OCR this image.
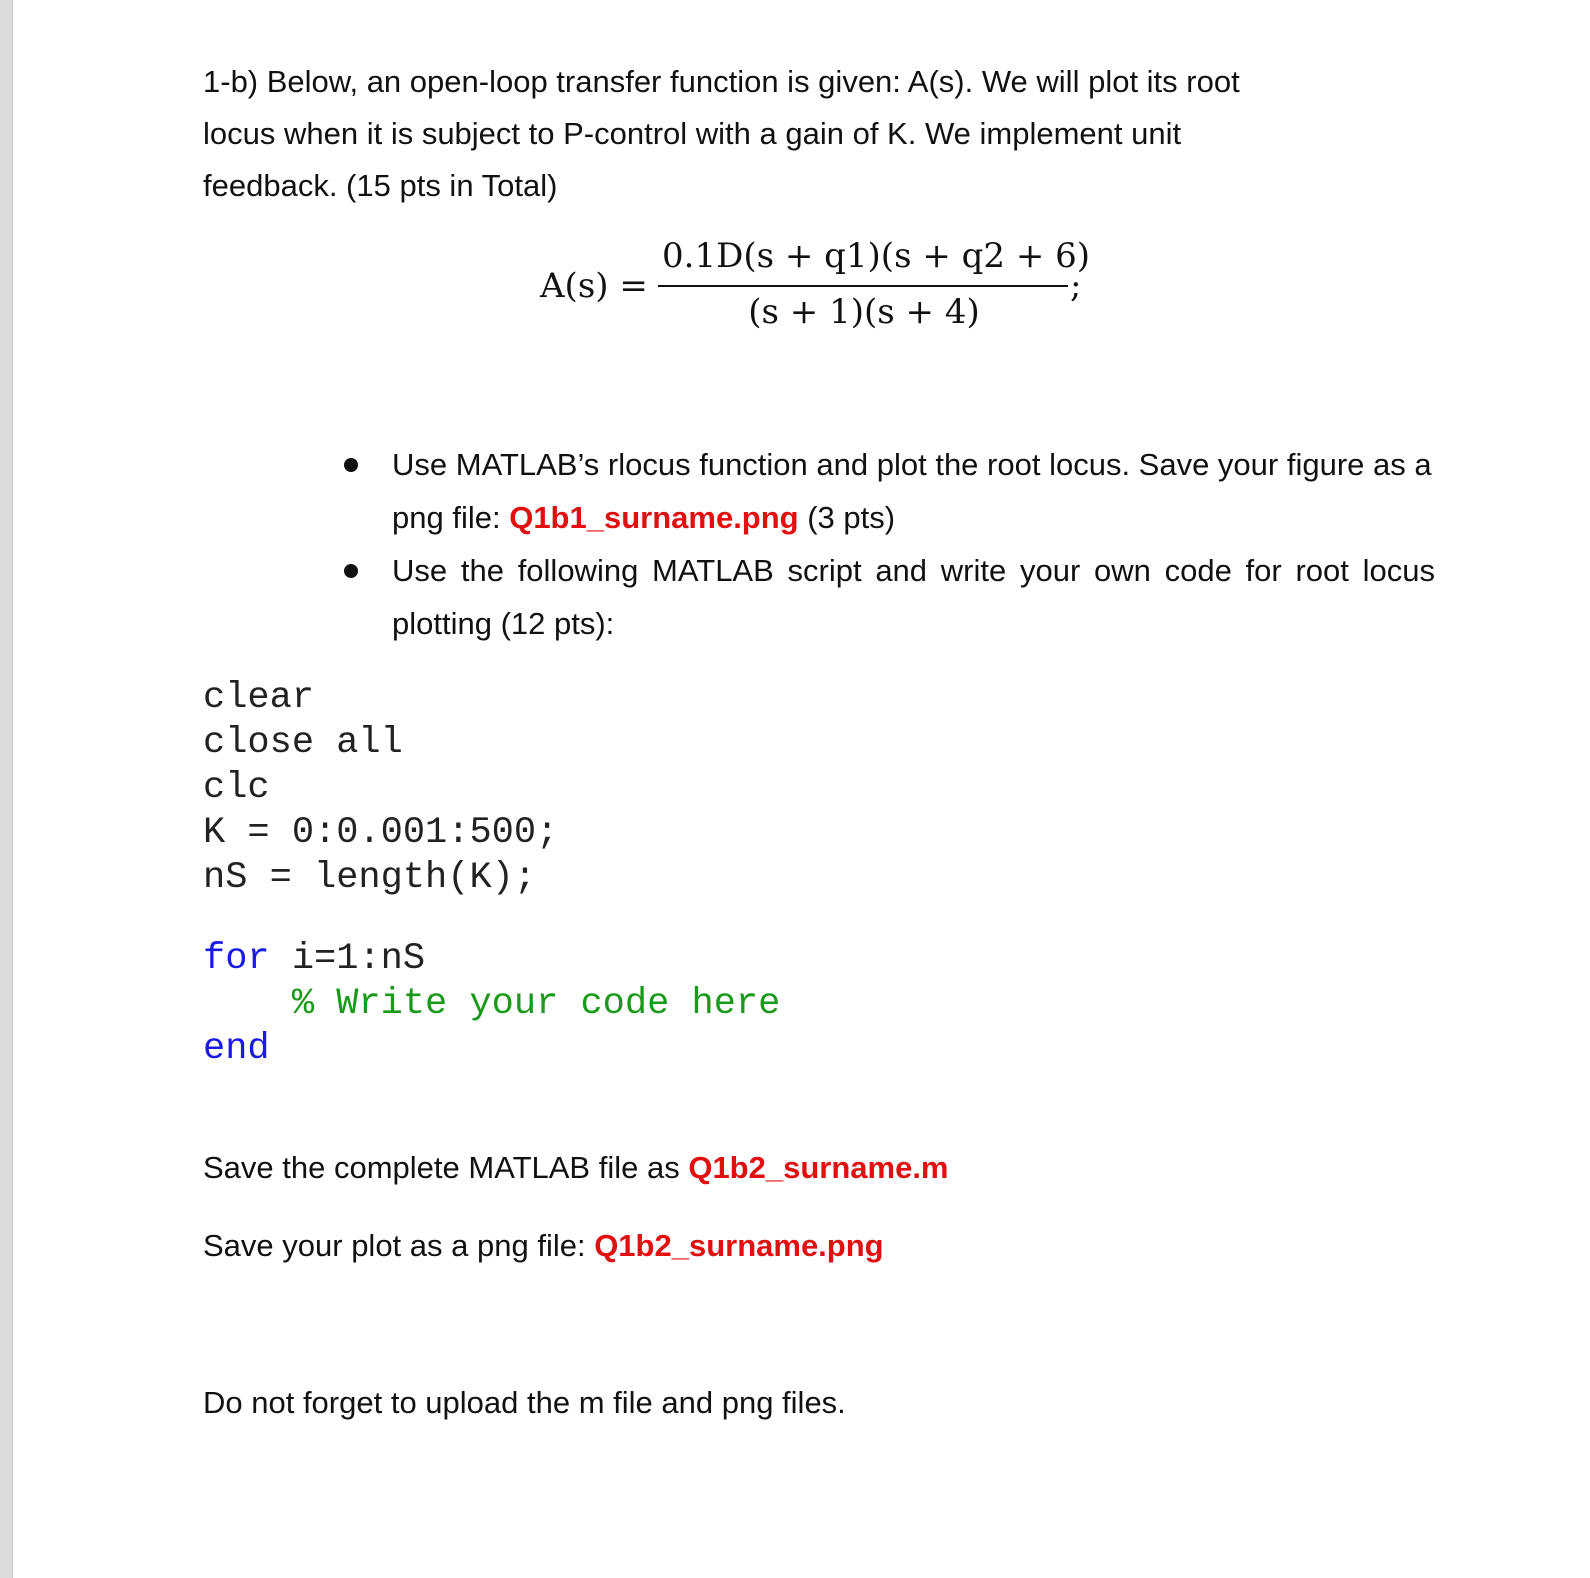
1-b) Below, an open-loop transfer function is given: A(s). We will plot its root
locus when it is subject to P-control with a gain of K. We implement unit
feedback. (15 pts in Total)
A(s) =
0.1D(s + q1)(s + q2 + 6)
(s + 1)(s + 4)
;
Use MATLAB’s rlocus function and plot the root locus. Save your figure as a png file: Q1b1_surname.png (3 pts)
Use the following MATLAB script and write your own code for root locus plotting (12 pts):
clear
close all
clc
K = 0:0.001:500;
nS = length(K);
for i=1:nS
% Write your code here
end
Save the complete MATLAB file as Q1b2_surname.m
Save your plot as a png file: Q1b2_surname.png
Do not forget to upload the m file and png files.
